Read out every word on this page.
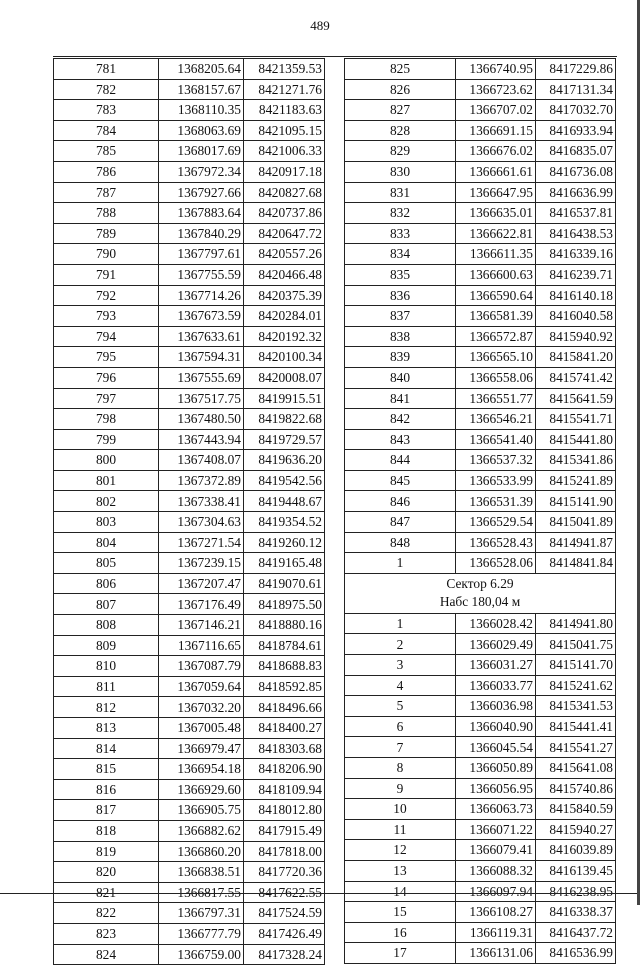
489
781	1368205.64	8421359.53
782	1368157.67	8421271.76
783	1368110.35	8421183.63
784	1368063.69	8421095.15
785	1368017.69	8421006.33
786	1367972.34	8420917.18
787	1367927.66	8420827.68
788	1367883.64	8420737.86
789	1367840.29	8420647.72
790	1367797.61	8420557.26
791	1367755.59	8420466.48
792	1367714.26	8420375.39
793	1367673.59	8420284.01
794	1367633.61	8420192.32
795	1367594.31	8420100.34
796	1367555.69	8420008.07
797	1367517.75	8419915.51
798	1367480.50	8419822.68
799	1367443.94	8419729.57
800	1367408.07	8419636.20
801	1367372.89	8419542.56
802	1367338.41	8419448.67
803	1367304.63	8419354.52
804	1367271.54	8419260.12
805	1367239.15	8419165.48
806	1367207.47	8419070.61
807	1367176.49	8418975.50
808	1367146.21	8418880.16
809	1367116.65	8418784.61
810	1367087.79	8418688.83
811	1367059.64	8418592.85
812	1367032.20	8418496.66
813	1367005.48	8418400.27
814	1366979.47	8418303.68
815	1366954.18	8418206.90
816	1366929.60	8418109.94
817	1366905.75	8418012.80
818	1366882.62	8417915.49
819	1366860.20	8417818.00
820	1366838.51	8417720.36
821	1366817.55	8417622.55
822	1366797.31	8417524.59
823	1366777.79	8417426.49
824	1366759.00	8417328.24
825	1366740.95	8417229.86
826	1366723.62	8417131.34
827	1366707.02	8417032.70
828	1366691.15	8416933.94
829	1366676.02	8416835.07
830	1366661.61	8416736.08
831	1366647.95	8416636.99
832	1366635.01	8416537.81
833	1366622.81	8416438.53
834	1366611.35	8416339.16
835	1366600.63	8416239.71
836	1366590.64	8416140.18
837	1366581.39	8416040.58
838	1366572.87	8415940.92
839	1366565.10	8415841.20
840	1366558.06	8415741.42
841	1366551.77	8415641.59
842	1366546.21	8415541.71
843	1366541.40	8415441.80
844	1366537.32	8415341.86
845	1366533.99	8415241.89
846	1366531.39	8415141.90
847	1366529.54	8415041.89
848	1366528.43	8414941.87
1	1366528.06	8414841.84

Сектор 6.29
Набс 180,04 м		

1	1366028.42	8414941.80
2	1366029.49	8415041.75
3	1366031.27	8415141.70
4	1366033.77	8415241.62
5	1366036.98	8415341.53
6	1366040.90	8415441.41
7	1366045.54	8415541.27
8	1366050.89	8415641.08
9	1366056.95	8415740.86
10	1366063.73	8415840.59
11	1366071.22	8415940.27
12	1366079.41	8416039.89
13	1366088.32	8416139.45
14	1366097.94	8416238.95
15	1366108.27	8416338.37
16	1366119.31	8416437.72
17	1366131.06	8416536.99
